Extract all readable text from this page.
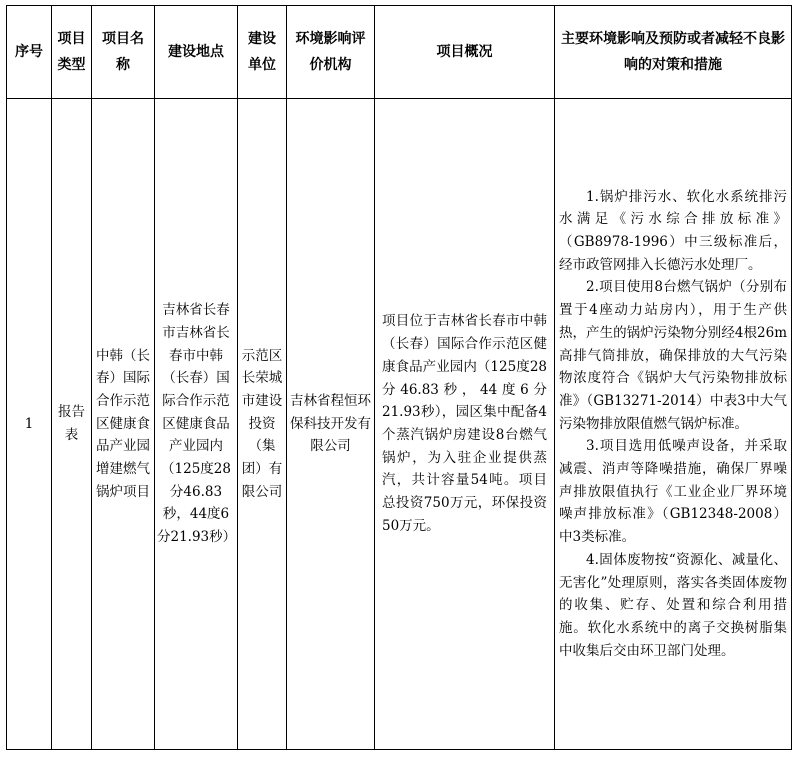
序号	项目类型	项目名称	建设地点	建设单位	环境影响评价机构	项目概况	主要环境影响及预防或者减轻不良影响的对策和措施
1	报告表	中韩（长春）国际合作示范区健康食品产业园增建燃气锅炉项目	吉林省长春市吉林省长春市中韩（长春）国际合作示范区健康食品产业园内（125度28分46.83秒，44度6分21.93秒）	示范区长荣城市建设投资（集团）有限公司	吉林省程恒环保科技开发有限公司	项目位于吉林省长春市中韩（长春）国际合作示范区健康食品产业园内（125度28分46.83秒，44度6分21.93秒），园区集中配备4个蒸汽锅炉房建设8台燃气锅炉，为入驻企业提供蒸汽，共计容量54吨。项目总投资750万元，环保投资50万元。	1.锅炉排污水、软化水系统排污水满足《污水综合排放标准》（GB8978-1996）中三级标准后，经市政管网排入长德污水处理厂。

2.项目使用8台燃气锅炉（分别布置于4座动力站房内），用于生产供热，产生的锅炉污染物分别经4根26m高排气筒排放，确保排放的大气污染物浓度符合《锅炉大气污染物排放标准》（GB13271-2014）中表3中大气污染物排放限值燃气锅炉标准。

3.项目选用低噪声设备，并采取减震、消声等降噪措施，确保厂界噪声排放限值执行《工业企业厂界环境噪声排放标准》（GB12348-2008）中3类标准。

4.固体废物按“资源化、减量化、无害化”处理原则，落实各类固体废物的收集、贮存、处置和综合利用措施。软化水系统中的离子交换树脂集中收集后交由环卫部门处理。
